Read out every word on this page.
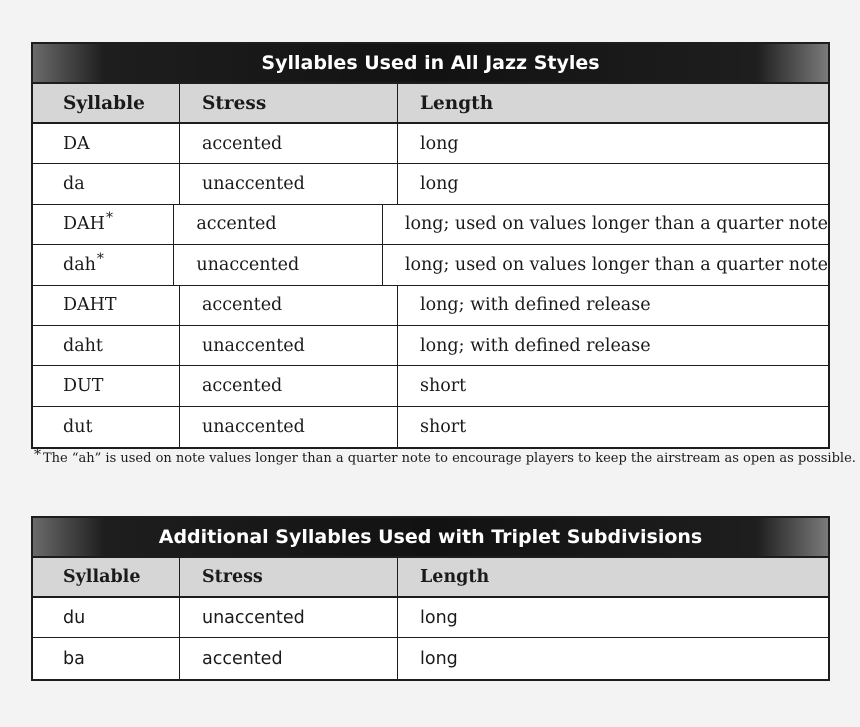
Syllables Used in All Jazz Styles
Syllable	Stress	Length
DA	accented	long
da	unaccented	long
DAH *	accented	long; used on values longer than a quarter note
dah *	unaccented	long; used on values longer than a quarter note
DAHT	accented	long; with defined release
daht	unaccented	long; with defined release
DUT	accented	short
dut	unaccented	short
* The “ah” is used on note values longer than a quarter note to encourage players to keep the airstream as open as possible.
Additional Syllables Used with Triplet Subdivisions
Syllable	Stress	Length
du	unaccented	long
ba	accented	long
